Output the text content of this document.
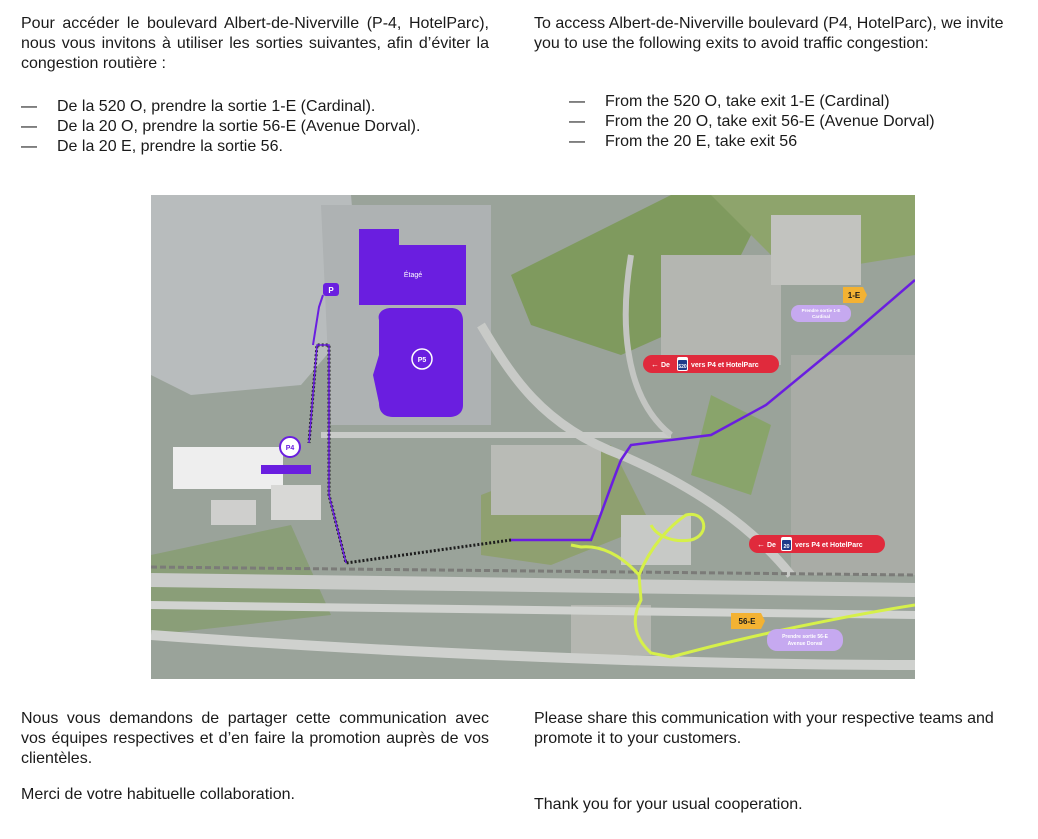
Pour accéder le boulevard Albert-de-Niverville (P-4, HotelParc), nous vous invitons à utiliser les sorties suivantes, afin d’éviter la congestion routière :

— De la 520 O, prendre la sortie 1-E (Cardinal).
— De la 20 O, prendre la sortie 56-E (Avenue Dorval).
— De la 20 E, prendre la sortie 56.

To access Albert-de-Niverville boulevard (P4, HotelParc), we invite you to use the following exits to avoid traffic congestion:

— From the 520 O, take exit 1-E (Cardinal)
— From the 20 O, take exit 56-E (Avenue Dorval)
— From the 20 E, take exit 56
Étagé
P5
P4
P
1-E
Prendre sortie 1-E
Cardinal
← De 520 vers P4 et HotelParc
← De 20 vers P4 et HotelParc
56-E
Prendre sortie 56-E
Avenue Dorval

Nous vous demandons de partager cette communication avec vos équipes respectives et d’en faire la promotion auprès de vos clientèles.

Merci de votre habituelle collaboration.

Please share this communication with your respective teams and promote it to your customers.

Thank you for your usual cooperation.
